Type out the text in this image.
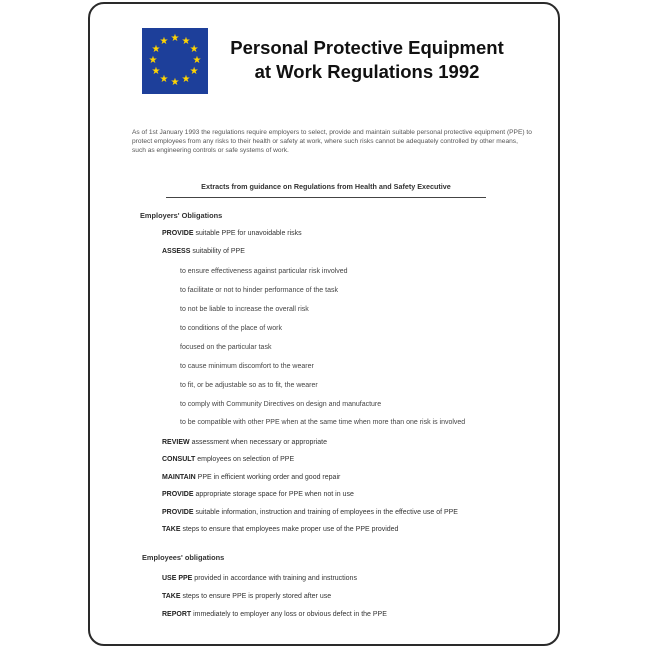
★ ★
★
★
★
★
★
★
★
★
★
★	Personal Protective Equipment
at Work Regulations 1992

As of 1st January 1993 the regulations require employers to select, provide and maintain suitable personal protective equipment (PPE) to protect employees from any risks to their health or safety at work, where such risks cannot be adequately controlled by other means, such as engineering controls or safe systems of work.

Extracts from guidance on Regulations from Health and Safety Executive
Employers' Obligations
PROVIDE suitable PPE for unavoidable risks
ASSESS suitability of PPE
to ensure effectiveness against particular risk involved
to facilitate or not to hinder performance of the task
to not be liable to increase the overall risk
to conditions of the place of work
focused on the particular task
to cause minimum discomfort to the wearer
to fit, or be adjustable so as to fit, the wearer
to comply with Community Directives on design and manufacture
to be compatible with other PPE when at the same time when more than one risk is involved
REVIEW assessment when necessary or appropriate
CONSULT employees on selection of PPE
MAINTAIN PPE in efficient working order and good repair
PROVIDE appropriate storage space for PPE when not in use
PROVIDE suitable information, instruction and training of employees in the effective use of PPE
TAKE steps to ensure that employees make proper use of the PPE provided
Employees' obligations
USE PPE provided in accordance with training and instructions
TAKE steps to ensure PPE is properly stored after use
REPORT immediately to employer any loss or obvious defect in the PPE
